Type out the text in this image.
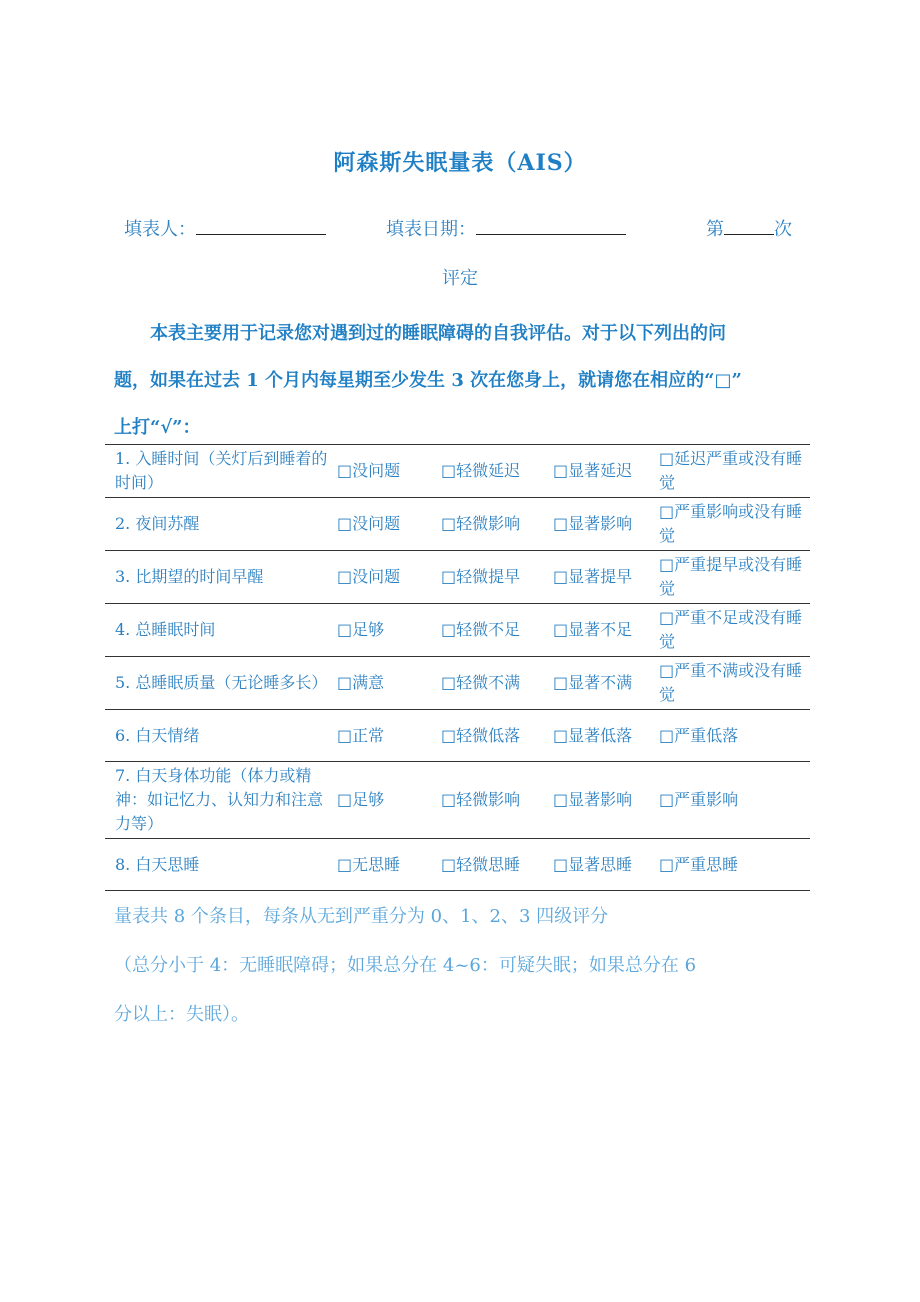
阿森斯失眠量表（AIS）
填表人：	填表日期：	第	次
评定
本表主要用于记录您对遇到过的睡眠障碍的自我评估。对于以下列出的问
题，如果在过去 1 个月内每星期至少发生 3 次在您身上，就请您在相应的“□”
上打“√”：
1. 入睡时间（关灯后到睡着的时间）	□没问题	□轻微延迟	□显著延迟	□延迟严重或没有睡觉
2. 夜间苏醒	□没问题	□轻微影响	□显著影响	□严重影响或没有睡觉
3. 比期望的时间早醒	□没问题	□轻微提早	□显著提早	□严重提早或没有睡觉
4. 总睡眠时间	□足够	□轻微不足	□显著不足	□严重不足或没有睡觉
5. 总睡眠质量（无论睡多长）	□满意	□轻微不满	□显著不满	□严重不满或没有睡觉
6. 白天情绪	□正常	□轻微低落	□显著低落	□严重低落
7. 白天身体功能（体力或精神：如记忆力、认知力和注意力等）	□足够	□轻微影响	□显著影响	□严重影响
8. 白天思睡	□无思睡	□轻微思睡	□显著思睡	□严重思睡
量表共 8 个条目，每条从无到严重分为 0、1、2、3 四级评分
（总分小于 4：无睡眠障碍；如果总分在 4~6：可疑失眠；如果总分在 6
分以上：失眠）。
